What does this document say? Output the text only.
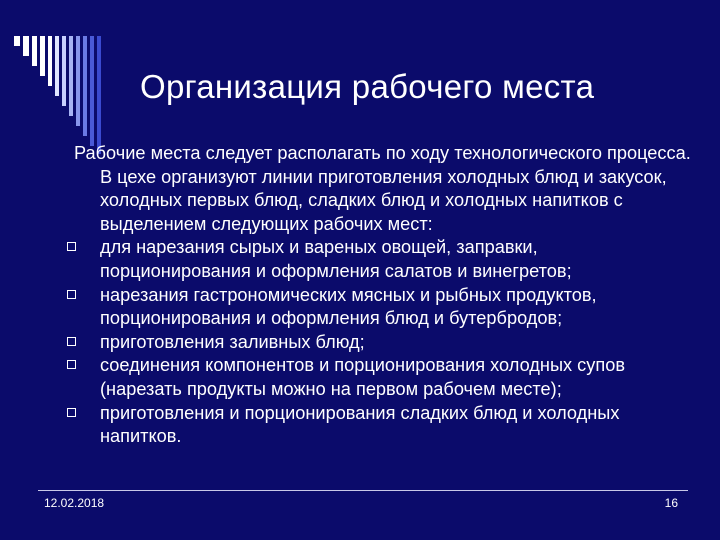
Организация рабочего места

Рабочие места следует располагать по ходу технологического процесса. В цехе организуют линии приготовления холодных блюд и закусок, холодных первых блюд, сладких блюд и холодных напитков с выделением следующих рабочих мест:

для нарезания сырых и вареных овощей, заправки, порционирования и оформления салатов и винегретов;
нарезания гастрономических мясных и рыбных продуктов, порционирования и оформления блюд и бутербродов;
приготовления заливных блюд;
соединения компонентов и порционирования холодных супов (нарезать продукты можно на первом рабочем месте);
приготовления и порционирования сладких блюд и холодных напитков.
12.02.2018	16
